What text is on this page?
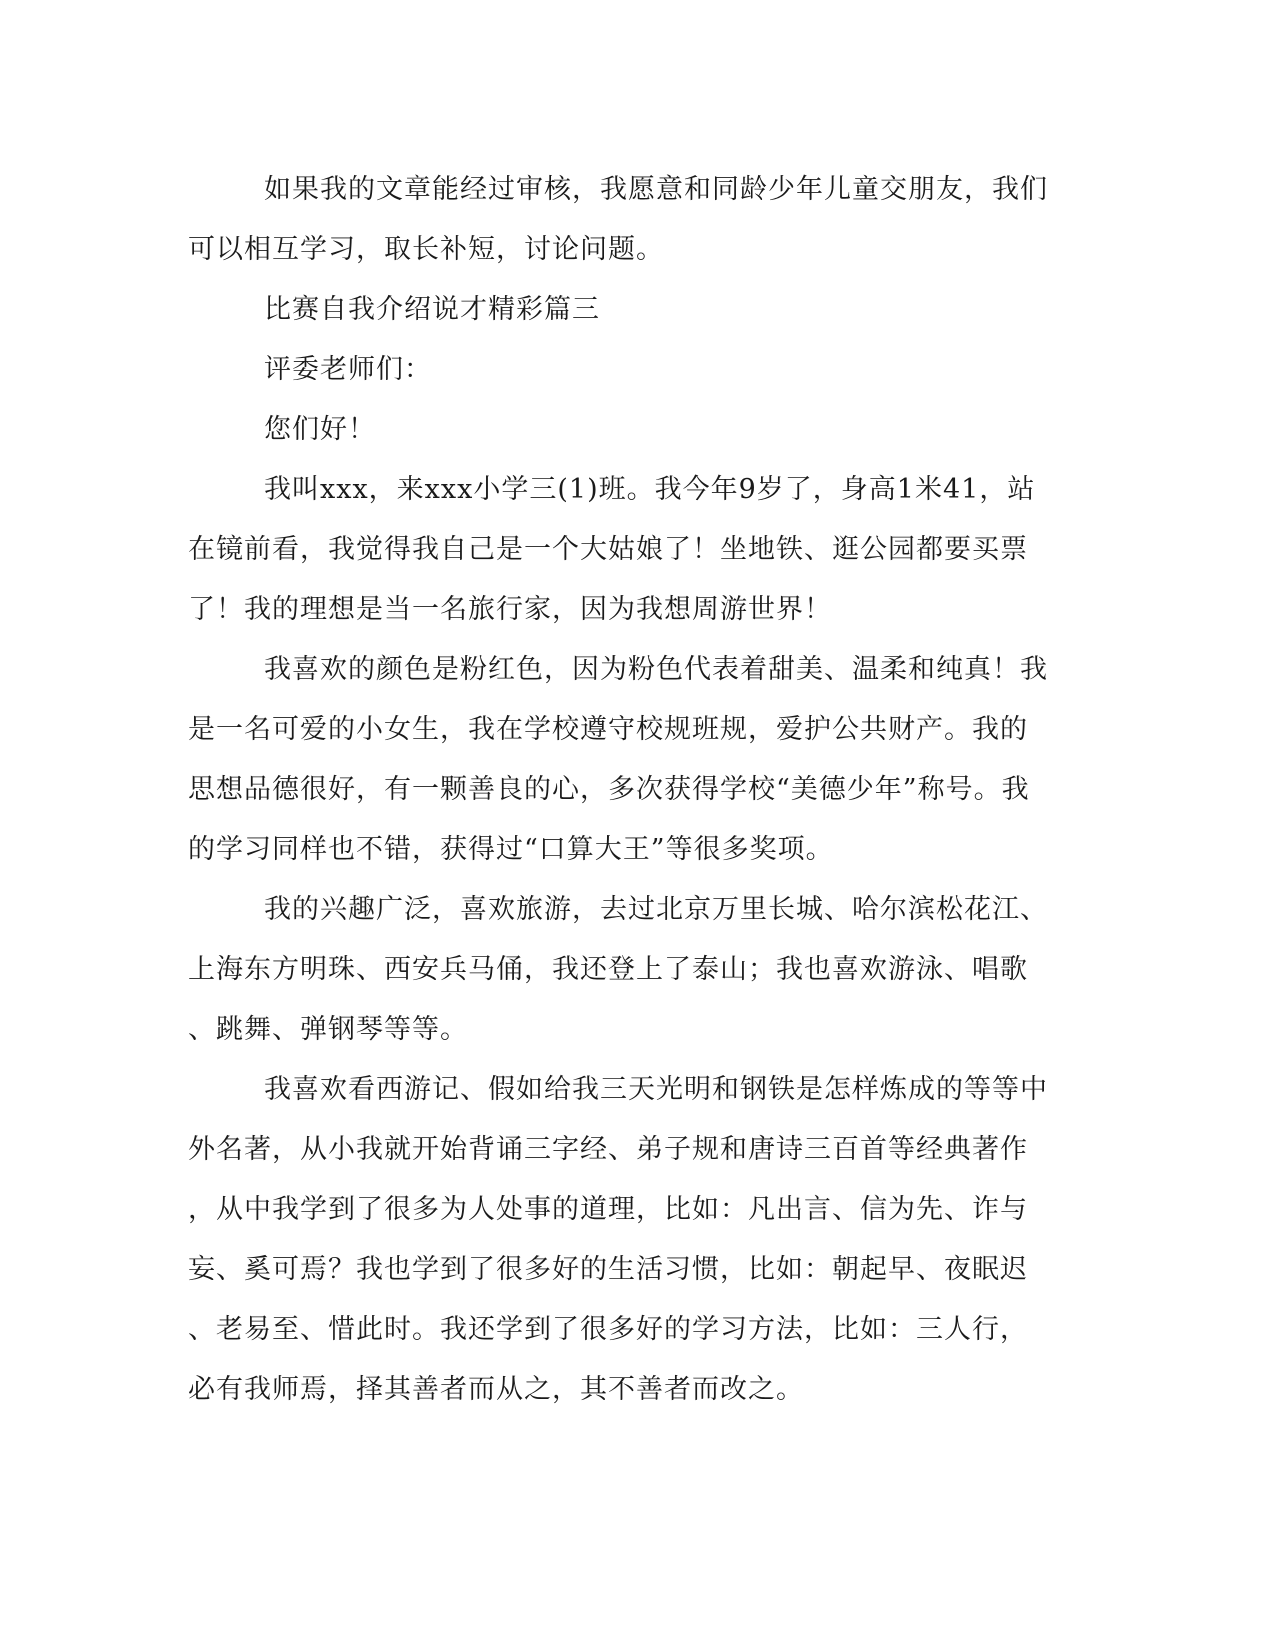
如果我的文章能经过审核，我愿意和同龄少年儿童交朋友，我们
可以相互学习，取长补短，讨论问题。

比赛自我介绍说才精彩篇三

评委老师们：

您们好！

我叫xxx，来xxx小学三(1)班。我今年9岁了，身高1米41，站
在镜前看，我觉得我自己是一个大姑娘了！坐地铁、逛公园都要买票
了！我的理想是当一名旅行家，因为我想周游世界！

我喜欢的颜色是粉红色，因为粉色代表着甜美、温柔和纯真！我
是一名可爱的小女生，我在学校遵守校规班规，爱护公共财产。我的
思想品德很好，有一颗善良的心，多次获得学校“美德少年”称号。我
的学习同样也不错，获得过“口算大王”等很多奖项。

我的兴趣广泛，喜欢旅游，去过北京万里长城、哈尔滨松花江、
上海东方明珠、西安兵马俑，我还登上了泰山；我也喜欢游泳、唱歌
、跳舞、弹钢琴等等。

我喜欢看西游记、假如给我三天光明和钢铁是怎样炼成的等等中
外名著，从小我就开始背诵三字经、弟子规和唐诗三百首等经典著作
，从中我学到了很多为人处事的道理，比如：凡出言、信为先、诈与
妄、奚可焉？我也学到了很多好的生活习惯，比如：朝起早、夜眠迟
、老易至、惜此时。我还学到了很多好的学习方法，比如：三人行，
必有我师焉，择其善者而从之，其不善者而改之。
